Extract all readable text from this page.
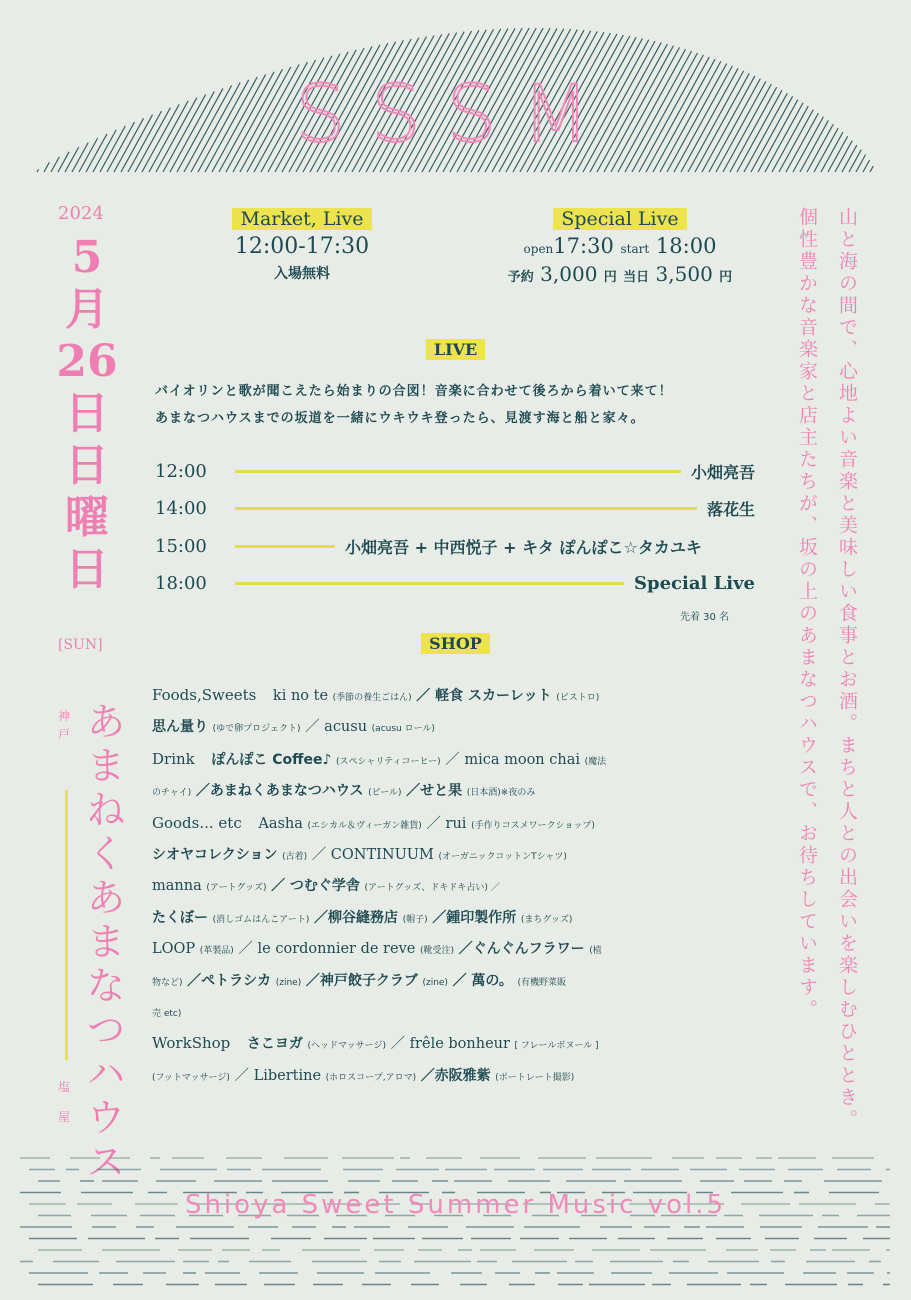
SSSM
2024
5
月
26
日
日
曜
日
[SUN]
神戸 あまねくあまなつハウス
塩屋	山と海の間で、心地よい音楽と美味しい食事とお酒。まちと人との出会いを楽しむひととき。
個性豊かな音楽家と店主たちが、坂の上のあまなつハウスで、お待ちしています。
Market, Live
12:00-17:30
入場無料
Special Live
open17:30 start 18:00
予約 3,000 円 当日 3,500 円
LIVE
バイオリンと歌が聞こえたら始まりの合図！音楽に合わせて後ろから着いて来て！
あまなつハウスまでの坂道を一緒にウキウキ登ったら、見渡す海と船と家々。
12:00	小畑亮吾
14:00	落花生
15:00	小畑亮吾 + 中西悦子 + キタ ぽんぽこ☆タカユキ
18:00	Special Live
先着 30 名
SHOP
Foods,Sweets ki no te (季節の養生ごはん) ／ 軽食 スカーレット (ビストロ)
思ん量り (ゆで卵プロジェクト) ／ acusu (acusu ロール)
Drink ぽんぽこ Coffee♪ (スペシャリティコーヒー) ／ mica moon chai (魔法
のチャイ) ／あまねくあまなつハウス (ビール) ／せと果 (日本酒)※夜のみ
Goods... etc Aasha (エシカル＆ヴィーガン雑貨) ／ rui (手作りコスメワークショップ)
シオヤコレクション (古着) ／ CONTINUUM (オーガニックコットンTシャツ)
manna (アートグッズ) ／ つむぐ学舎 (アートグッズ、ドキドキ占い) ／
たくぼー (消しゴムはんこアート) ／柳谷縫務店 (帽子) ／鍾印製作所 (まちグッズ)
LOOP (革製品) ／ le cordonnier de reve (靴受注) ／ぐんぐんフラワー (植
物など) ／ペトラシカ (zine) ／神戸餃子クラブ (zine) ／ 萬の。 (有機野菜販
売 etc)
WorkShop さこヨガ (ヘッドマッサージ) ／ frêle bonheur [ フレールボヌール ]
(フットマッサージ) ／ Libertine (ホロスコープ,アロマ) ／赤阪雅紫 (ポートレート撮影)
Shioya Sweet Summer Music vol.5
